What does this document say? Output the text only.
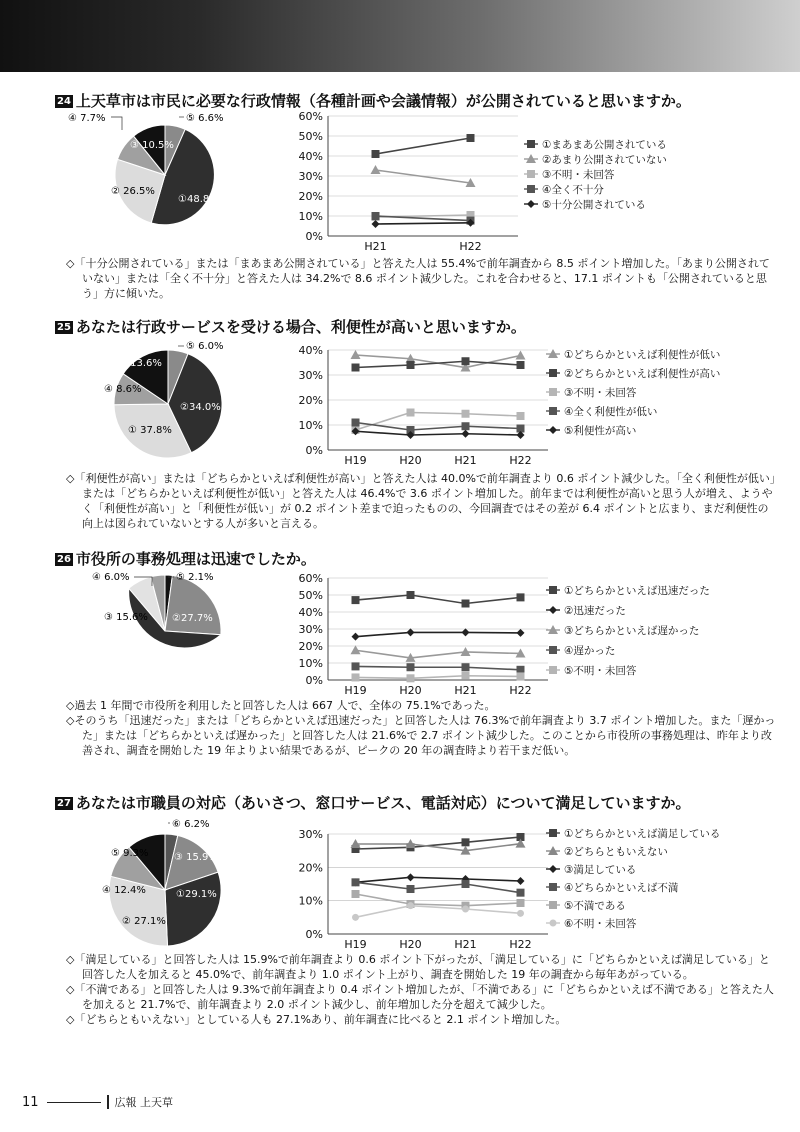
24 上天草市は市民に必要な行政情報（各種計画や会議情報）が公開されていると思いますか。
⑤ 6.6%
①48.8%
② 26.5%
③ 10.5%
④ 7.7%
0%
10%
20%
30%
40%
50%
60%
H21	H22
①まあまあ公開されている
②あまり公開されていない
③不明・未回答
④全く不十分
⑤十分公開されている

◇「十分公開されている」または「まあまあ公開されている」と答えた人は 55.4%で前年調査から 8.5 ポイント増加した。「あまり公開されていない」または「全く不十分」と答えた人は 34.2%で 8.6 ポイント減少した。これを合わせると、17.1 ポイントも「公開されていると思う」方に傾いた。

25 あなたは行政サービスを受ける場合、利便性が高いと思いますか。
⑤ 6.0%
②34.0%
① 37.8%
④ 8.6%
③ 13.6%
0%
10%
20%
30%
40%
H19	H20	H21	H22
①どちらかといえば利便性が低い
②どちらかといえば利便性が高い
③不明・未回答
④全く利便性が低い
⑤利便性が高い

◇「利便性が高い」または「どちらかといえば利便性が高い」と答えた人は 40.0%で前年調査より 0.6 ポイント減少した。「全く利便性が低い」または「どちらかといえば利便性が低い」と答えた人は 46.4%で 3.6 ポイント増加した。前年までは利便性が高いと思う人が増え、ようやく「利便性が高い」と「利便性が低い」が 0.2 ポイント差まで迫ったものの、今回調査ではその差が 6.4 ポイントと広まり、まだ利便性の向上は図られていないとする人が多いと言える。

26 市役所の事務処理は迅速でしたか。
⑤ 2.1%
②27.7%
①48.6%
③ 15.6%
④ 6.0%
0%
10%
20%
30%
40%
50%
60%
H19	H20	H21	H22
①どちらかといえば迅速だった
②迅速だった
③どちらかといえば遅かった
④遅かった
⑤不明・未回答

◇過去 1 年間で市役所を利用したと回答した人は 667 人で、全体の 75.1%であった。

◇そのうち「迅速だった」または「どちらかといえば迅速だった」と回答した人は 76.3%で前年調査より 3.7 ポイント増加した。また「遅かった」または「どちらかといえば遅かった」と回答した人は 21.6%で 2.7 ポイント減少した。このことから市役所の事務処理は、昨年より改善され、調査を開始した 19 年よりよい結果であるが、ピークの 20 年の調査時より若干まだ低い。

27 あなたは市職員の対応（あいさつ、窓口サービス、電話対応）について満足していますか。
⑥ 6.2%
③ 15.9%
①29.1%
② 27.1%
④ 12.4%
⑤ 9.3%
0%
10%
20%
30%
H19	H20	H21	H22
①どちらかといえば満足している
②どちらともいえない
③満足している
④どちらかといえば不満
⑤不満である
⑥不明・未回答

◇「満足している」と回答した人は 15.9%で前年調査より 0.6 ポイント下がったが、「満足している」に「どちらかといえば満足している」と回答した人を加えると 45.0%で、前年調査より 1.0 ポイント上がり、調査を開始した 19 年の調査から毎年あがっている。

◇「不満である」と回答した人は 9.3%で前年調査より 0.4 ポイント増加したが、「不満である」に「どちらかといえば不満である」と答えた人を加えると 21.7%で、前年調査より 2.0 ポイント減少し、前年増加した分を超えて減少した。

◇「どちらともいえない」としている人も 27.1%あり、前年調査に比べると 2.1 ポイント増加した。

11	広報 上天草
